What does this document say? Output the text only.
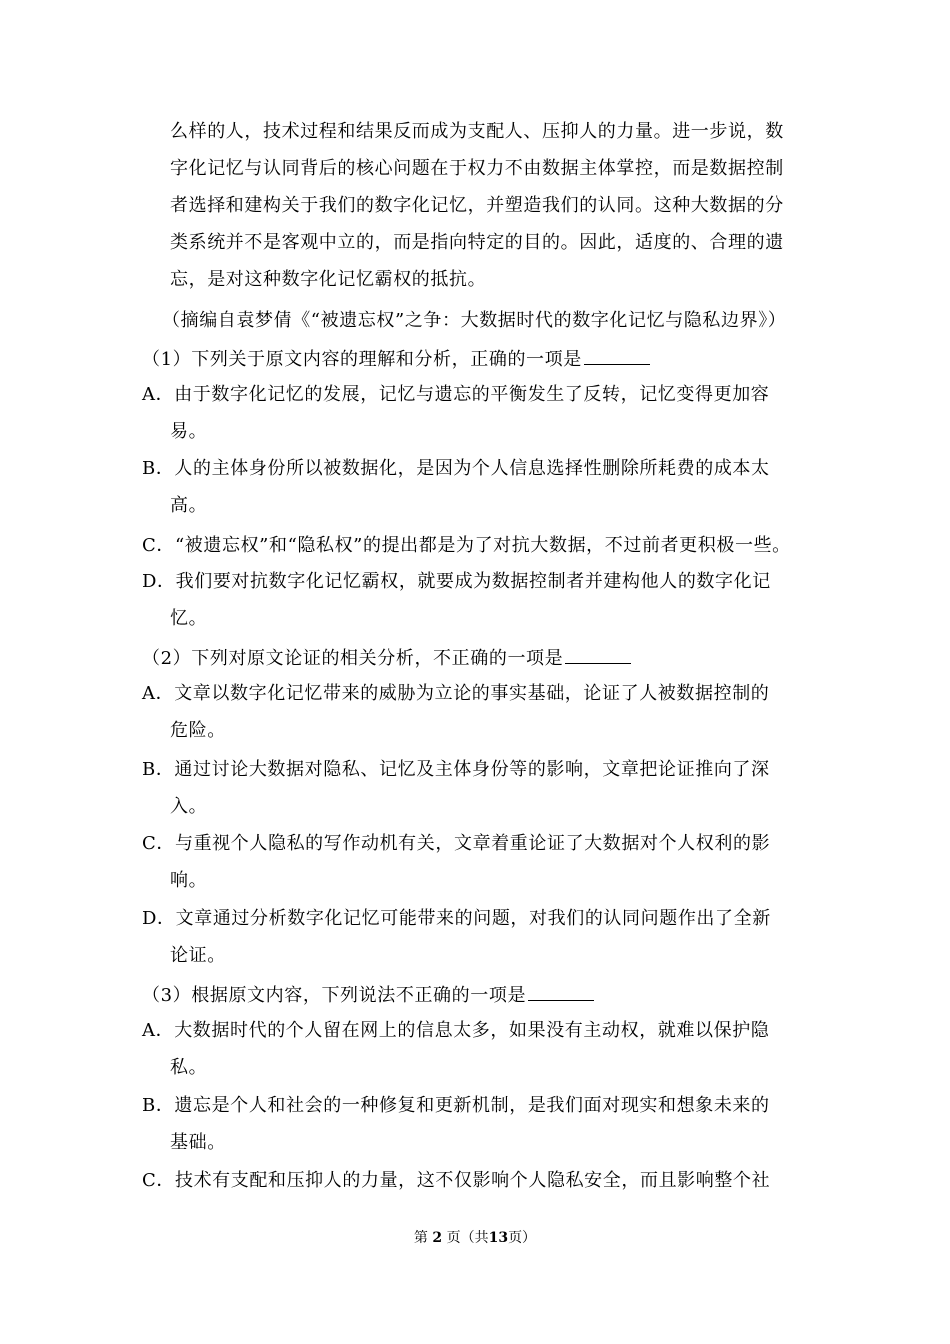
么样的人，技术过程和结果反而成为支配人、压抑人的力量。进一步说，数
字化记忆与认同背后的核心问题在于权力不由数据主体掌控，而是数据控制
者选择和建构关于我们的数字化记忆，并塑造我们的认同。这种大数据的分
类系统并不是客观中立的，而是指向特定的目的。因此，适度的、合理的遗
忘，是对这种数字化记忆霸权的抵抗。
（摘编自袁梦倩《“被遗忘权”之争：大数据时代的数字化记忆与隐私边界》）
（1）下列关于原文内容的理解和分析，正确的一项是
A．由于数字化记忆的发展，记忆与遗忘的平衡发生了反转，记忆变得更加容
易。
B．人的主体身份所以被数据化，是因为个人信息选择性删除所耗费的成本太
高。
C．“被遗忘权”和“隐私权”的提出都是为了对抗大数据，不过前者更积极一些。
D．我们要对抗数字化记忆霸权，就要成为数据控制者并建构他人的数字化记
忆。
（2）下列对原文论证的相关分析，不正确的一项是
A．文章以数字化记忆带来的威胁为立论的事实基础，论证了人被数据控制的
危险。
B．通过讨论大数据对隐私、记忆及主体身份等的影响，文章把论证推向了深
入。
C．与重视个人隐私的写作动机有关，文章着重论证了大数据对个人权利的影
响。
D．文章通过分析数字化记忆可能带来的问题，对我们的认同问题作出了全新
论证。
（3）根据原文内容，下列说法不正确的一项是
A．大数据时代的个人留在网上的信息太多，如果没有主动权，就难以保护隐
私。
B．遗忘是个人和社会的一种修复和更新机制，是我们面对现实和想象未来的
基础。
C．技术有支配和压抑人的力量，这不仅影响个人隐私安全，而且影响整个社
第 2 页（共13页）
